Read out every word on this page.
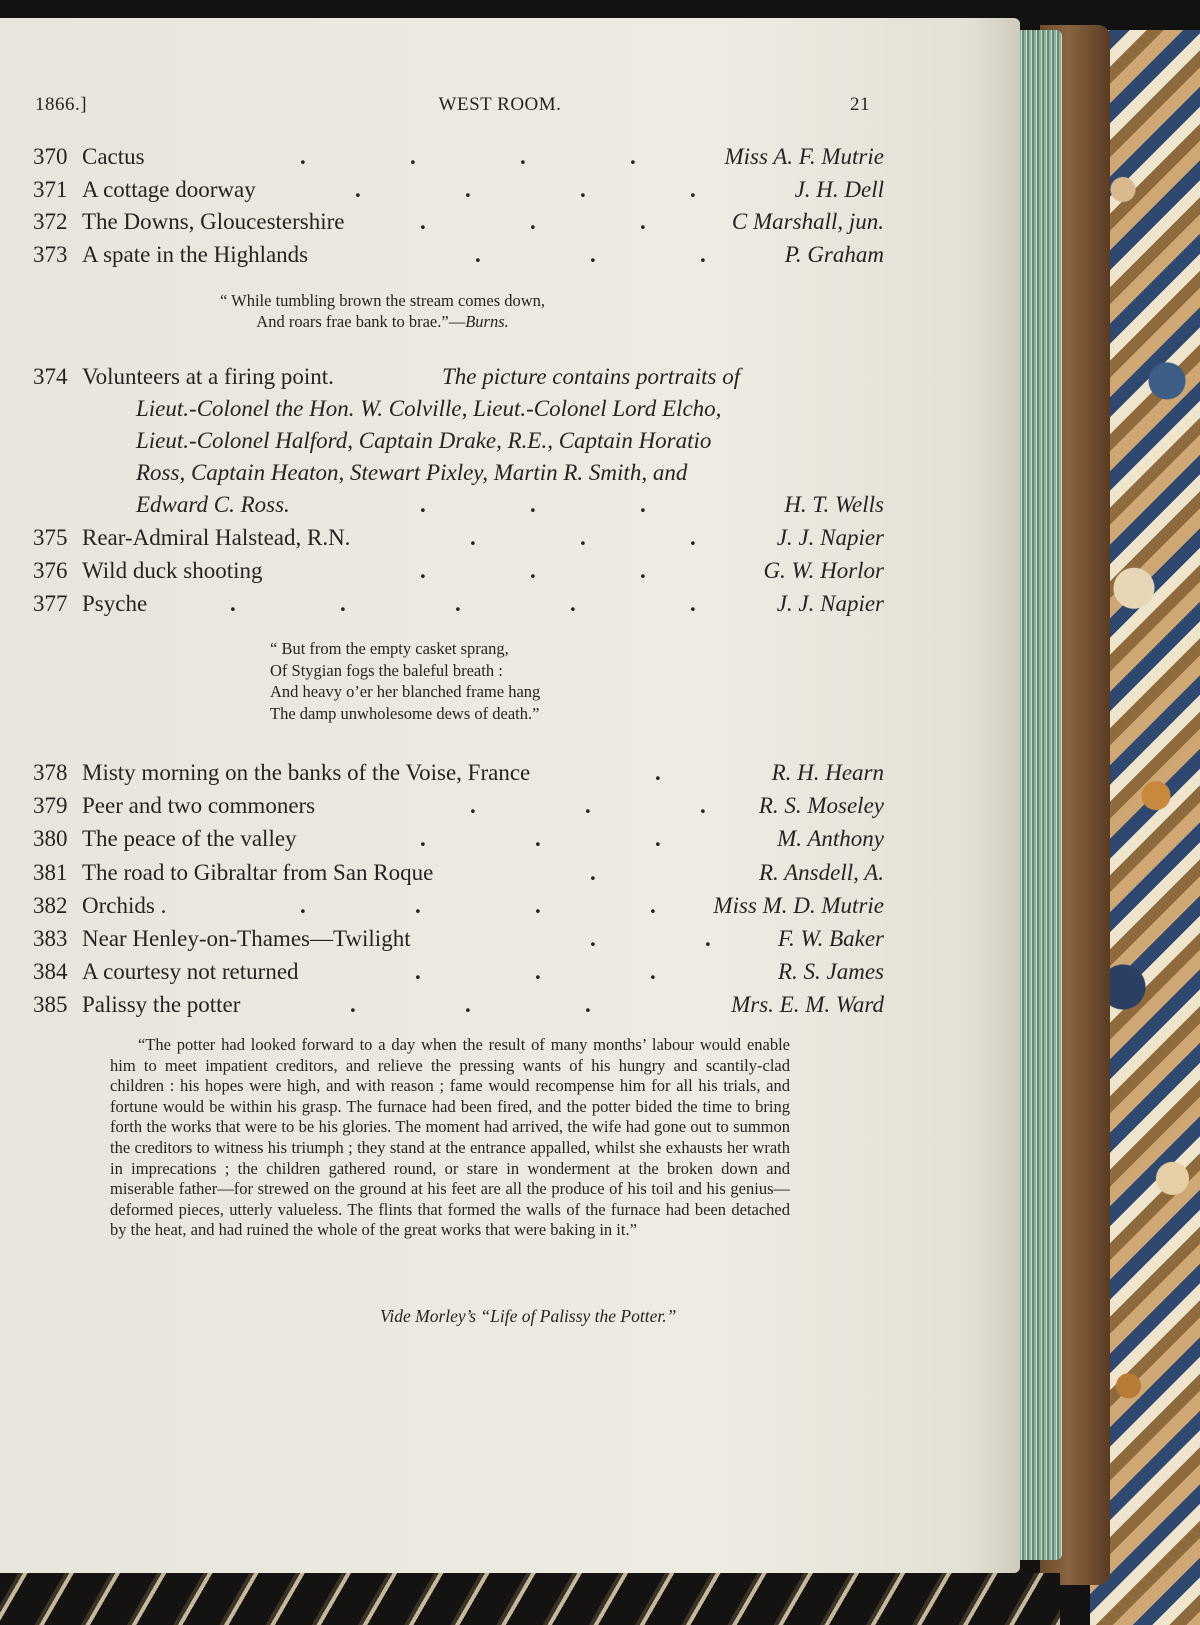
1866.]	WEST ROOM.	21
370 Cactus	.	.	.	.	Miss A. F. Mutrie
371 A cottage doorway	.	.	.	.	J. H. Dell
372 The Downs, Gloucestershire	.	.	.	C Marshall, jun.
373 A spate in the Highlands	.	.	.	P. Graham
“ While tumbling brown the stream comes down,
And roars frae bank to brae.”—Burns.
374 Volunteers at a firing point.	The picture contains portraits of
Lieut.-Colonel the Hon. W. Colville, Lieut.-Colonel Lord Elcho,
Lieut.-Colonel Halford, Captain Drake, R.E., Captain Horatio
Ross, Captain Heaton, Stewart Pixley, Martin R. Smith, and
Edward C. Ross.	.	.	.	H. T. Wells
375 Rear-Admiral Halstead, R.N.	.	.	.	J. J. Napier
376 Wild duck shooting	.	.	.	G. W. Horlor
377 Psyche	.	.	.	.	.	J. J. Napier
“ But from the empty casket sprang,
Of Stygian fogs the baleful breath :
And heavy o’er her blanched frame hang
The damp unwholesome dews of death.”
378 Misty morning on the banks of the Voise, France	.	R. H. Hearn
379 Peer and two commoners	.	.	. R. S. Moseley
380 The peace of the valley	.	.	.	M. Anthony
381 The road to Gibraltar from San Roque	.	R. Ansdell, A.
382 Orchids .	.	.	.	.	Miss M. D. Mutrie
383 Near Henley-on-Thames—Twilight	.	.	F. W. Baker
384 A courtesy not returned	.	.	.	R. S. James
385 Palissy the potter	.	.	.	Mrs. E. M. Ward

“The potter had looked forward to a day when the result of many months’ labour would enable him to meet impatient creditors, and relieve the pressing wants of his hungry and scantily-clad children : his hopes were high, and with reason ; fame would recompense him for all his trials, and fortune would be within his grasp. The furnace had been fired, and the potter bided the time to bring forth the works that were to be his glories. The moment had arrived, the wife had gone out to summon the creditors to witness his triumph ; they stand at the entrance appalled, whilst she exhausts her wrath in imprecations ; the children gathered round, or stare in wonderment at the broken down and miserable father—for strewed on the ground at his feet are all the produce of his toil and his genius—deformed pieces, utterly valueless. The flints that formed the walls of the furnace had been detached by the heat, and had ruined the whole of the great works that were baking in it.”

Vide Morley’s “Life of Palissy the Potter.”
